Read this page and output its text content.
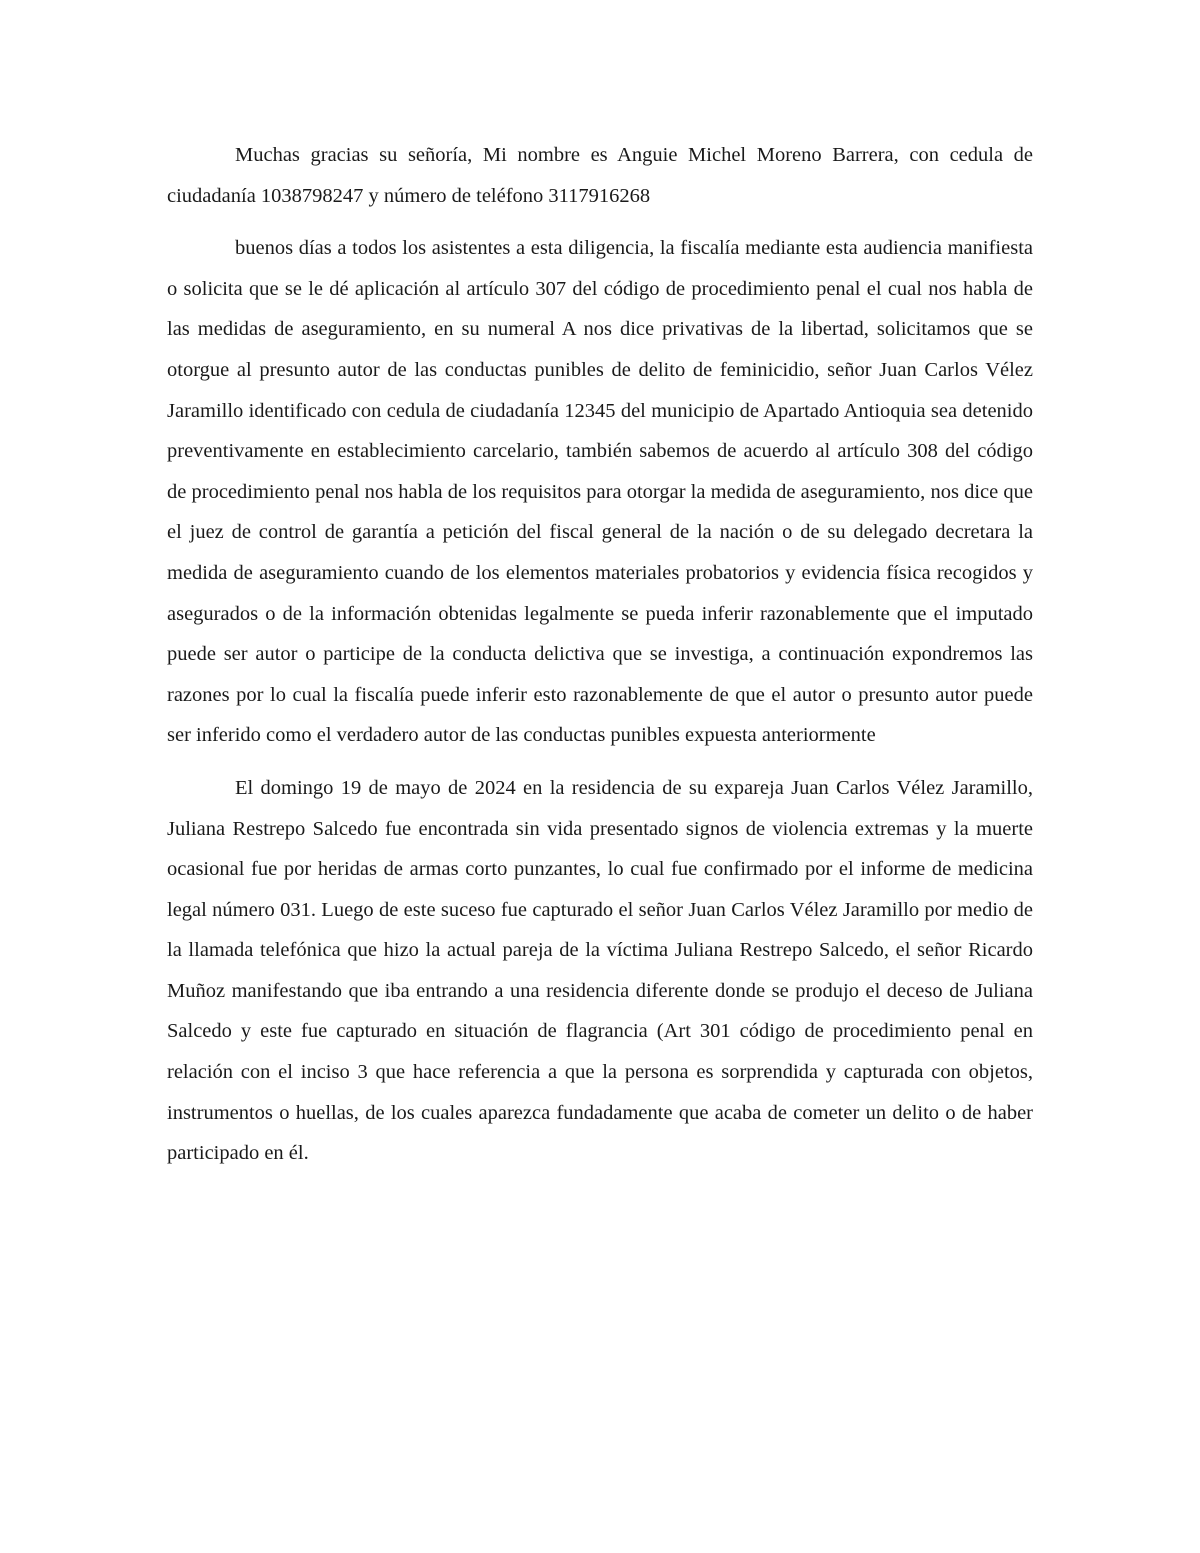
Muchas gracias su señoría, Mi nombre es Anguie Michel Moreno Barrera, con cedula de ciudadanía 1038798247 y número de teléfono 3117916268

buenos días a todos los asistentes a esta diligencia, la fiscalía mediante esta audiencia manifiesta o solicita que se le dé aplicación al artículo 307 del código de procedimiento penal el cual nos habla de las medidas de aseguramiento, en su numeral A nos dice privativas de la libertad, solicitamos que se otorgue al presunto autor de las conductas punibles de delito de feminicidio, señor Juan Carlos Vélez Jaramillo identificado con cedula de ciudadanía 12345 del municipio de Apartado Antioquia sea detenido preventivamente en establecimiento carcelario, también sabemos de acuerdo al artículo 308 del código de procedimiento penal nos habla de los requisitos para otorgar la medida de aseguramiento, nos dice que el juez de control de garantía a petición del fiscal general de la nación o de su delegado decretara la medida de aseguramiento cuando de los elementos materiales probatorios y evidencia física recogidos y asegurados o de la información obtenidas legalmente se pueda inferir razonablemente que el imputado puede ser autor o participe de la conducta delictiva que se investiga, a continuación expondremos las razones por lo cual la fiscalía puede inferir esto razonablemente de que el autor o presunto autor puede ser inferido como el verdadero autor de las conductas punibles expuesta anteriormente

El domingo 19 de mayo de 2024 en la residencia de su expareja Juan Carlos Vélez Jaramillo, Juliana Restrepo Salcedo fue encontrada sin vida presentado signos de violencia extremas y la muerte ocasional fue por heridas de armas corto punzantes, lo cual fue confirmado por el informe de medicina legal número 031. Luego de este suceso fue capturado el señor Juan Carlos Vélez Jaramillo por medio de la llamada telefónica que hizo la actual pareja de la víctima Juliana Restrepo Salcedo, el señor Ricardo Muñoz manifestando que iba entrando a una residencia diferente donde se produjo el deceso de Juliana Salcedo y este fue capturado en situación de flagrancia (Art 301 código de procedimiento penal en relación con el inciso 3 que hace referencia a que la persona es sorprendida y capturada con objetos, instrumentos o huellas, de los cuales aparezca fundadamente que acaba de cometer un delito o de haber participado en él.
